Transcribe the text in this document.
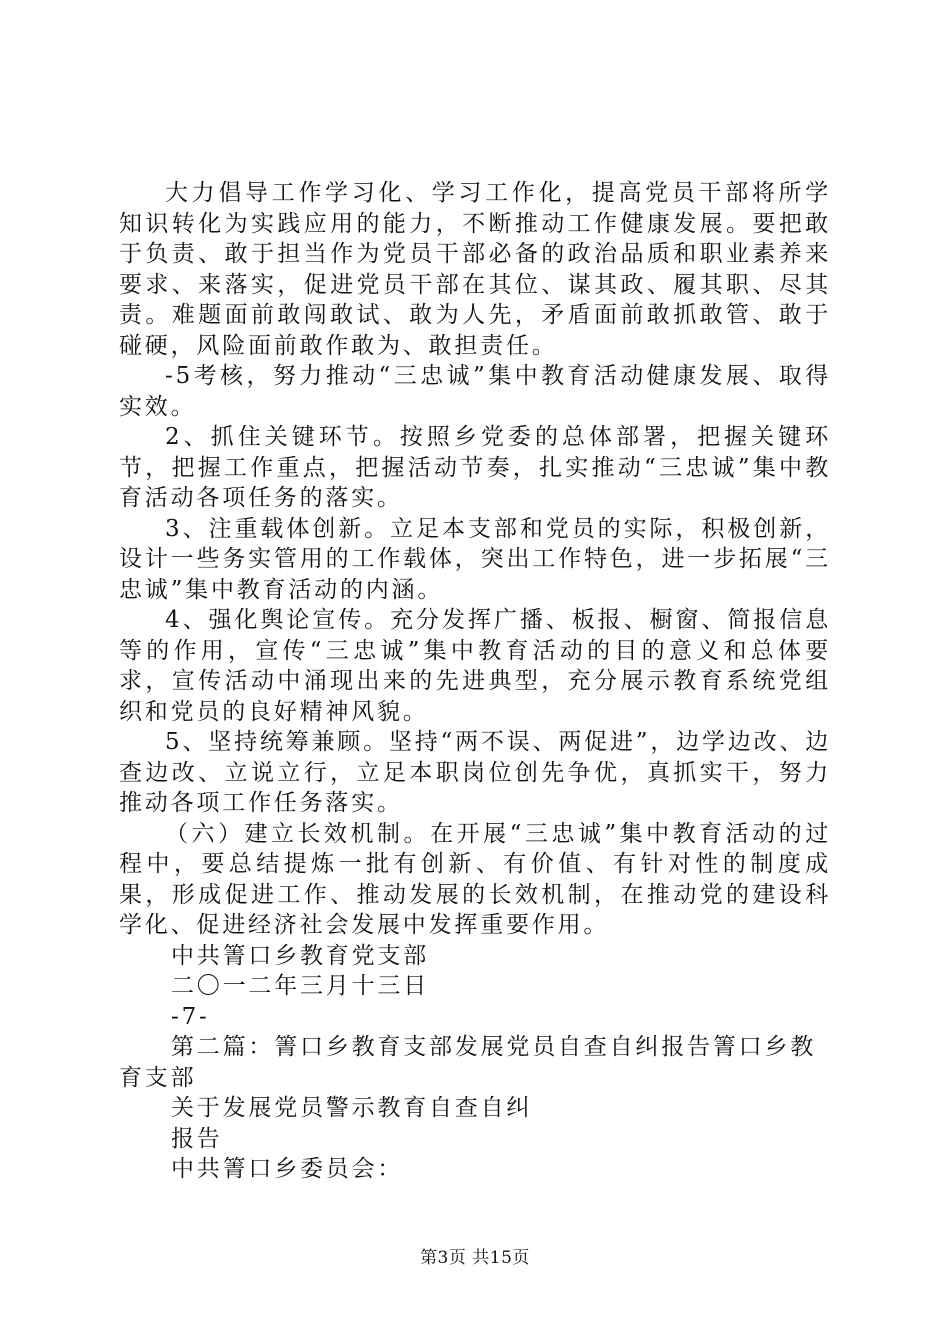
大力倡导工作学习化、学习工作化，提高党员干部将所学知识转化为实践应用的能力，不断推动工作健康发展。要把敢于负责、敢于担当作为党员干部必备的政治品质和职业素养来要求、来落实，促进党员干部在其位、谋其政、履其职、尽其责。难题面前敢闯敢试、敢为人先，矛盾面前敢抓敢管、敢于碰硬，风险面前敢作敢为、敢担责任。

-5考核，努力推动“三忠诚”集中教育活动健康发展、取得实效。

2、抓住关键环节。按照乡党委的总体部署，把握关键环节，把握工作重点，把握活动节奏，扎实推动“三忠诚”集中教育活动各项任务的落实。

3、注重载体创新。立足本支部和党员的实际，积极创新，设计一些务实管用的工作载体，突出工作特色，进一步拓展“三忠诚”集中教育活动的内涵。

4、强化舆论宣传。充分发挥广播、板报、橱窗、简报信息等的作用，宣传“三忠诚”集中教育活动的目的意义和总体要求，宣传活动中涌现出来的先进典型，充分展示教育系统党组织和党员的良好精神风貌。

5、坚持统筹兼顾。坚持“两不误、两促进”，边学边改、边查边改、立说立行，立足本职岗位创先争优，真抓实干，努力推动各项工作任务落实。

（六）建立长效机制。在开展“三忠诚”集中教育活动的过程中，要总结提炼一批有创新、有价值、有针对性的制度成果，形成促进工作、推动发展的长效机制，在推动党的建设科学化、促进经济社会发展中发挥重要作用。

中共箐口乡教育党支部

二〇一二年三月十三日

-7-

第二篇：箐口乡教育支部发展党员自查自纠报告箐口乡教育支部

关于发展党员警示教育自查自纠

报告

中共箐口乡委员会：

第3页 共15页
